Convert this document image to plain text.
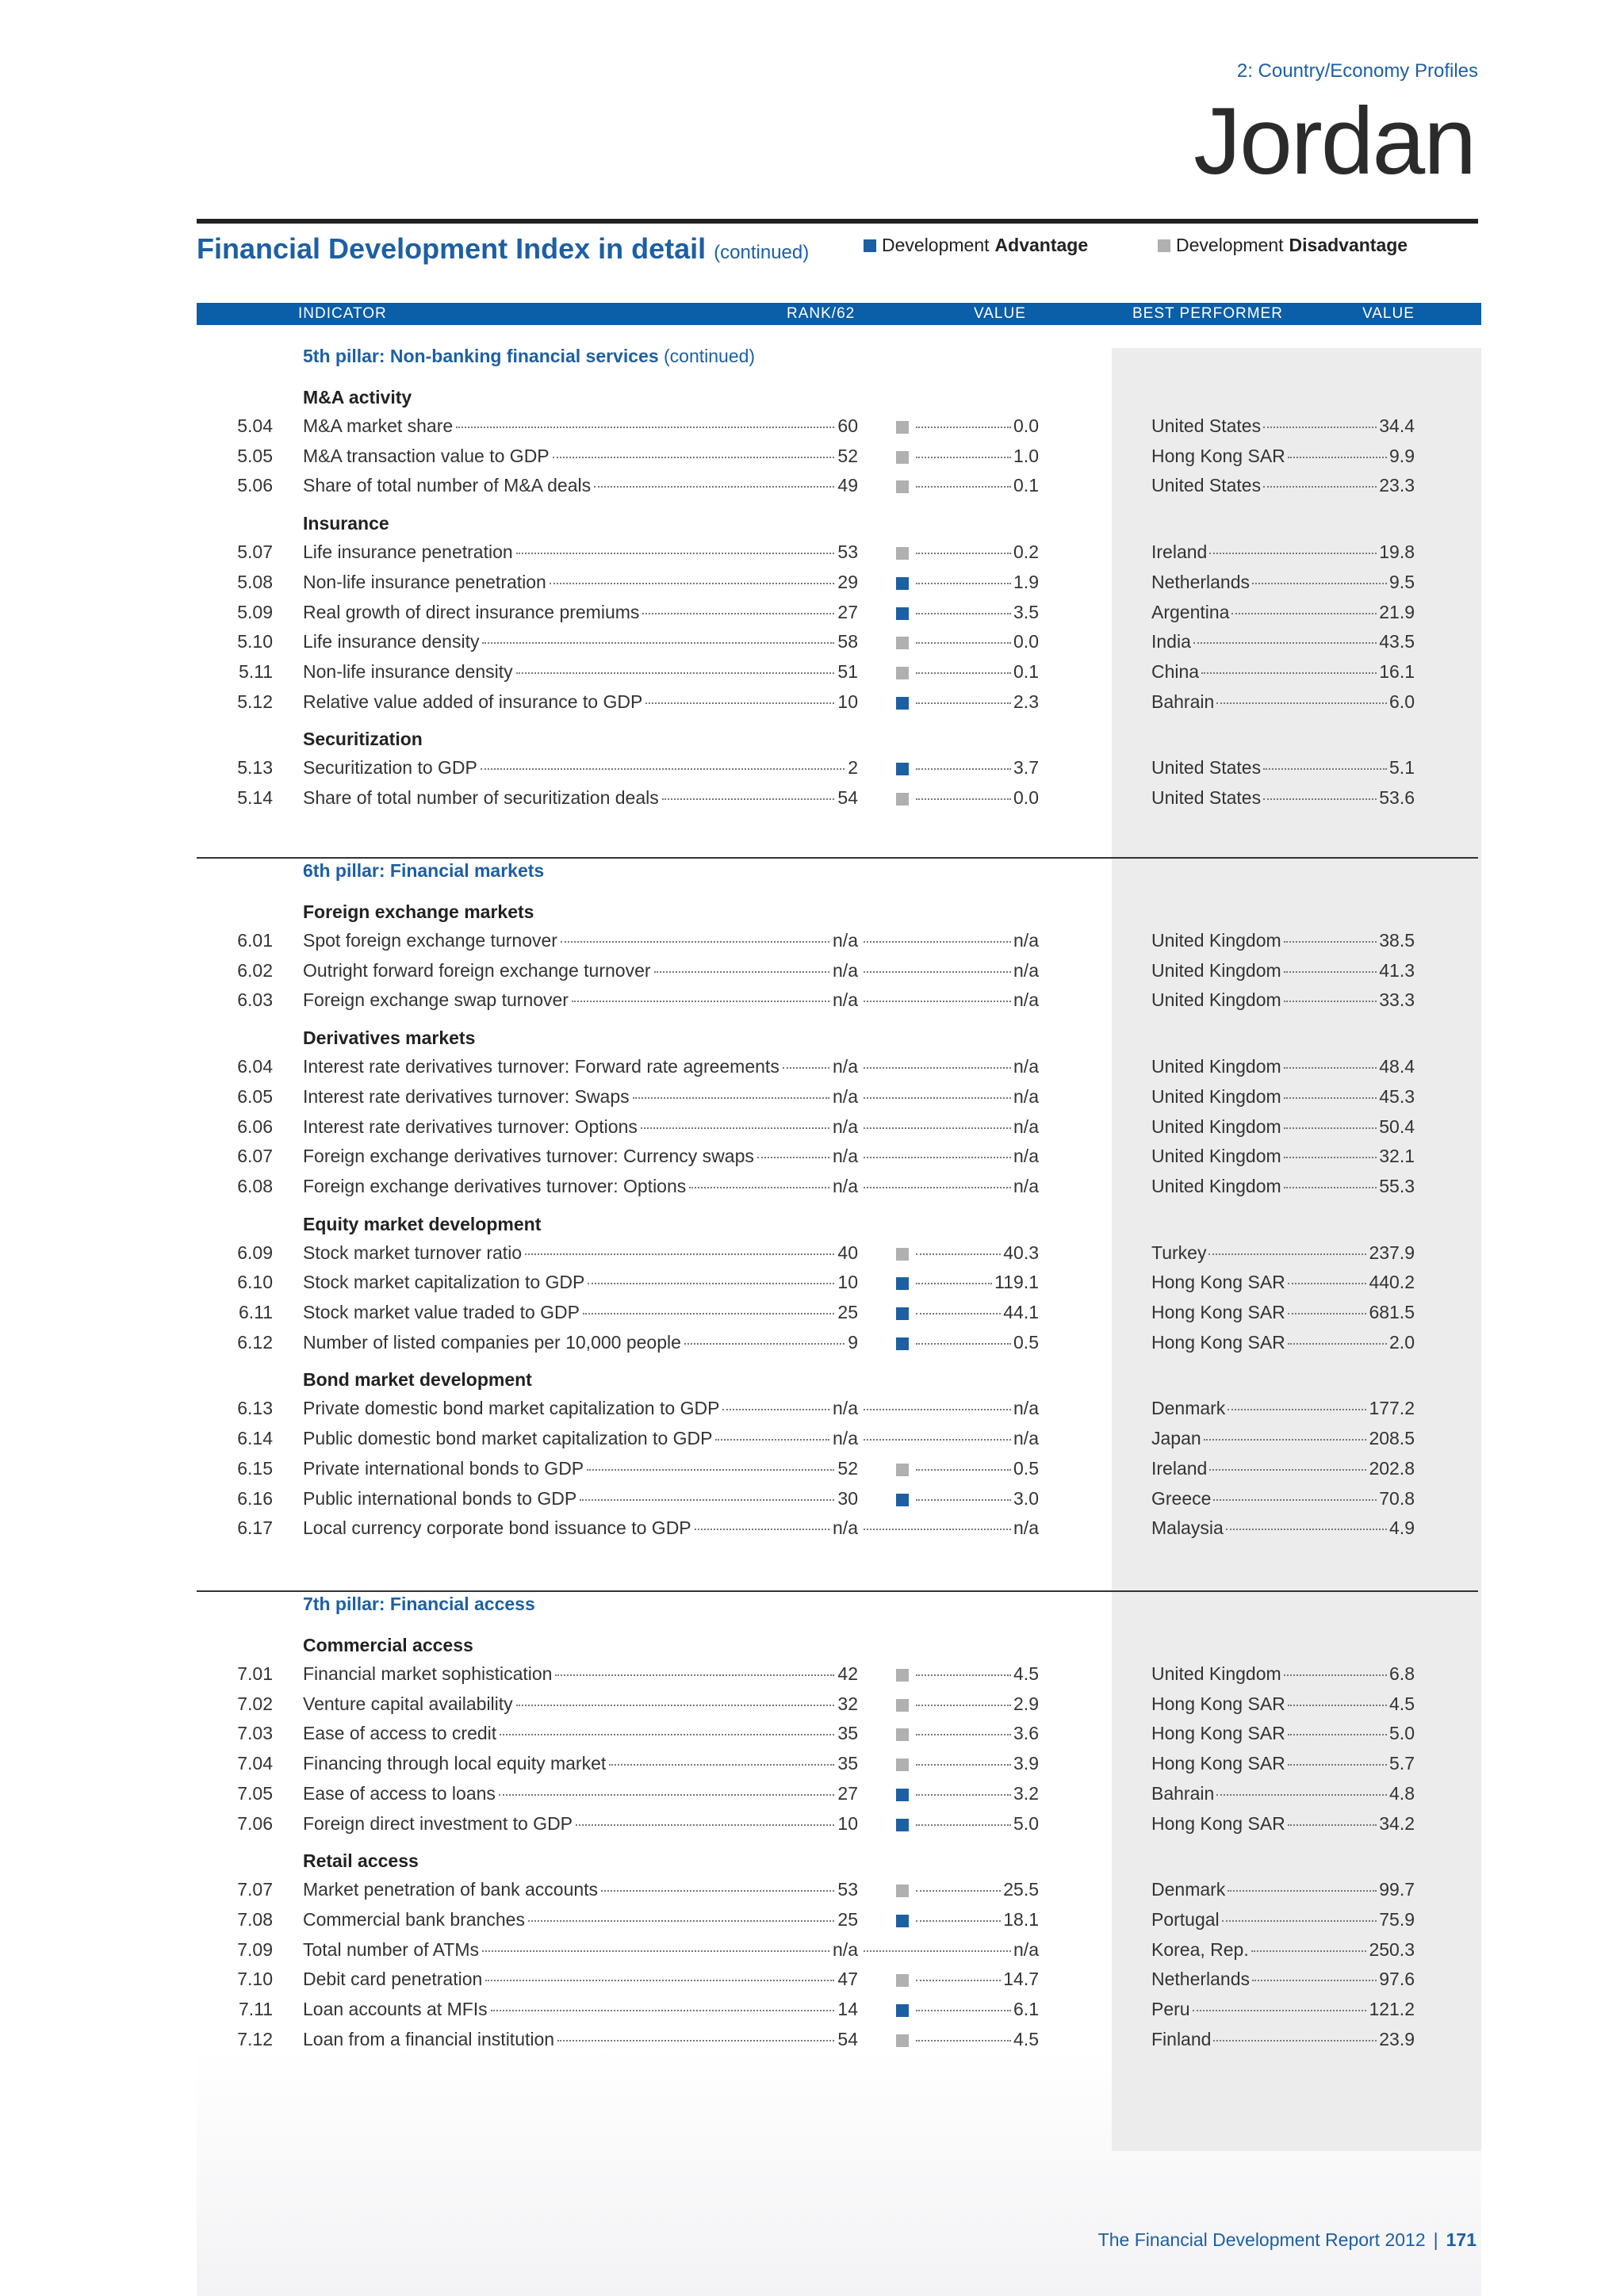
2: Country/Economy Profiles
Jordan
Financial Development Index in detail (continued)	Development Advantage	Development Disadvantage
INDICATOR	RANK/62	VALUE	BEST PERFORMER	VALUE
5th pillar: Non-banking financial services (continued)
M&A activity
5.04 M&A market share	60	0.0	United States	34.4
5.05 M&A transaction value to GDP	52	1.0	Hong Kong SAR	9.9
5.06 Share of total number of M&A deals	49	0.1	United States	23.3
Insurance
5.07 Life insurance penetration	53	0.2	Ireland	19.8
5.08 Non-life insurance penetration	29	1.9	Netherlands	9.5
5.09 Real growth of direct insurance premiums	27	3.5	Argentina	21.9
5.10 Life insurance density	58	0.0	India	43.5
5.11 Non-life insurance density	51	0.1	China	16.1
5.12 Relative value added of insurance to GDP	10	2.3	Bahrain	6.0
Securitization
5.13 Securitization to GDP	2	3.7	United States	5.1
5.14 Share of total number of securitization deals	54	0.0	United States	53.6
6th pillar: Financial markets
Foreign exchange markets
6.01 Spot foreign exchange turnover	n/a	n/a	United Kingdom	38.5
6.02 Outright forward foreign exchange turnover	n/a	n/a	United Kingdom	41.3
6.03 Foreign exchange swap turnover	n/a	n/a	United Kingdom	33.3
Derivatives markets
6.04 Interest rate derivatives turnover: Forward rate agreements	n/a	n/a	United Kingdom	48.4
6.05 Interest rate derivatives turnover: Swaps	n/a	n/a	United Kingdom	45.3
6.06 Interest rate derivatives turnover: Options	n/a	n/a	United Kingdom	50.4
6.07 Foreign exchange derivatives turnover: Currency swaps	n/a	n/a	United Kingdom	32.1
6.08 Foreign exchange derivatives turnover: Options	n/a	n/a	United Kingdom	55.3
Equity market development
6.09 Stock market turnover ratio	40	40.3	Turkey	237.9
6.10 Stock market capitalization to GDP	10	119.1	Hong Kong SAR	440.2
6.11 Stock market value traded to GDP	25	44.1	Hong Kong SAR	681.5
6.12 Number of listed companies per 10,000 people	9	0.5	Hong Kong SAR	2.0
Bond market development
6.13 Private domestic bond market capitalization to GDP	n/a	n/a	Denmark	177.2
6.14 Public domestic bond market capitalization to GDP	n/a	n/a	Japan	208.5
6.15 Private international bonds to GDP	52	0.5	Ireland	202.8
6.16 Public international bonds to GDP	30	3.0	Greece	70.8
6.17 Local currency corporate bond issuance to GDP	n/a	n/a	Malaysia	4.9
7th pillar: Financial access
Commercial access
7.01 Financial market sophistication	42	4.5	United Kingdom	6.8
7.02 Venture capital availability	32	2.9	Hong Kong SAR	4.5
7.03 Ease of access to credit	35	3.6	Hong Kong SAR	5.0
7.04 Financing through local equity market	35	3.9	Hong Kong SAR	5.7
7.05 Ease of access to loans	27	3.2	Bahrain	4.8
7.06 Foreign direct investment to GDP	10	5.0	Hong Kong SAR	34.2
Retail access
7.07 Market penetration of bank accounts	53	25.5	Denmark	99.7
7.08 Commercial bank branches	25	18.1	Portugal	75.9
7.09 Total number of ATMs	n/a	n/a	Korea, Rep.	250.3
7.10 Debit card penetration	47	14.7	Netherlands	97.6
7.11 Loan accounts at MFIs	14	6.1	Peru	121.2
7.12 Loan from a financial institution	54	4.5	Finland	23.9
The Financial Development Report 2012 | 171
